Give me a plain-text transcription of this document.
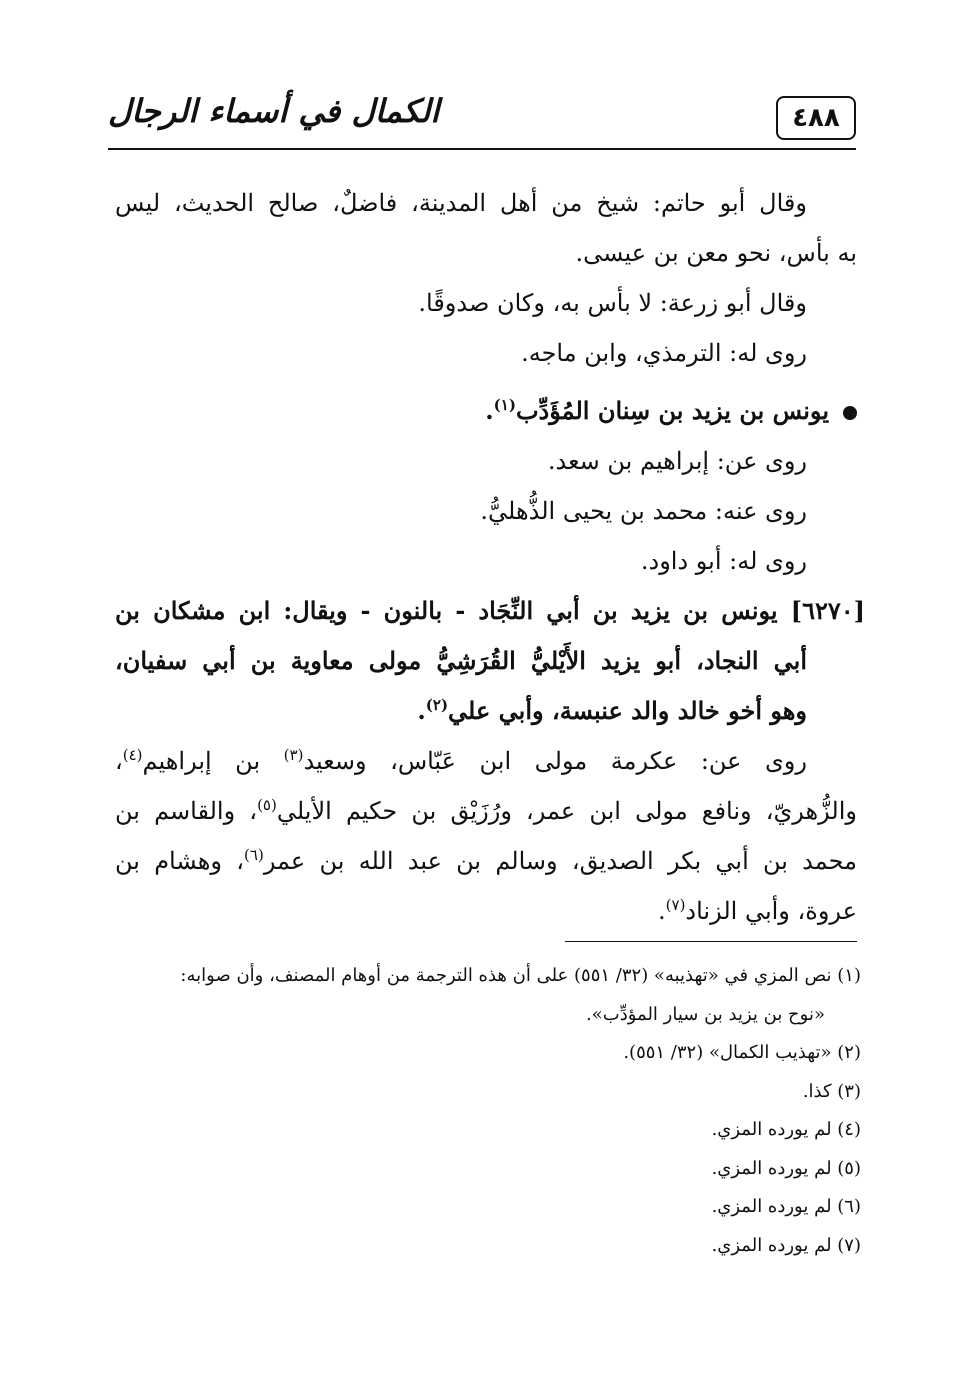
٤٨٨
الكمال في أسماء الرجال
وقال أبو حاتم: شيخ من أهل المدينة، فاضلٌ، صالح الحديث، ليس
به بأس، نحو معن بن عيسى.
وقال أبو زرعة: لا بأس به، وكان صدوقًا.
روى له: الترمذي، وابن ماجه.
يونس بن يزيد بن سِنان المُؤَدِّب$^{(١)}$.
روى عن: إبراهيم بن سعد.
روى عنه: محمد بن يحيى الذُّهليُّ.
روى له: أبو داود.
[٦٢٧٠] يونس بن يزيد بن أبي النِّجَاد - بالنون - ويقال: ابن مشكان بن
أبي النجاد، أبو يزيد الأَيْليُّ القُرَشِيُّ مولى معاوية بن أبي سفيان،
وهو أخو خالد والد عنبسة، وأبي علي$^{(٢)}$.
روى عن: عكرمة مولى ابن عَبّاس، وسعيد$^{(٣)}$ بن إبراهيم$^{(٤)}$،
والزُّهريّ، ونافع مولى ابن عمر، ورُزَيْق بن حكيم الأيلي$^{(٥)}$، والقاسم بن
محمد بن أبي بكر الصديق، وسالم بن عبد الله بن عمر$^{(٦)}$، وهشام بن
عروة، وأبي الزناد$^{(٧)}$.
(١) نص المزي في «تهذيبه» (٣٢/ ٥٥١) على أن هذه الترجمة من أوهام المصنف، وأن صوابه:
«نوح بن يزيد بن سيار المؤدِّب».
(٢) «تهذيب الكمال» (٣٢/ ٥٥١).
(٣) كذا.
(٤) لم يورده المزي.
(٥) لم يورده المزي.
(٦) لم يورده المزي.
(٧) لم يورده المزي.
